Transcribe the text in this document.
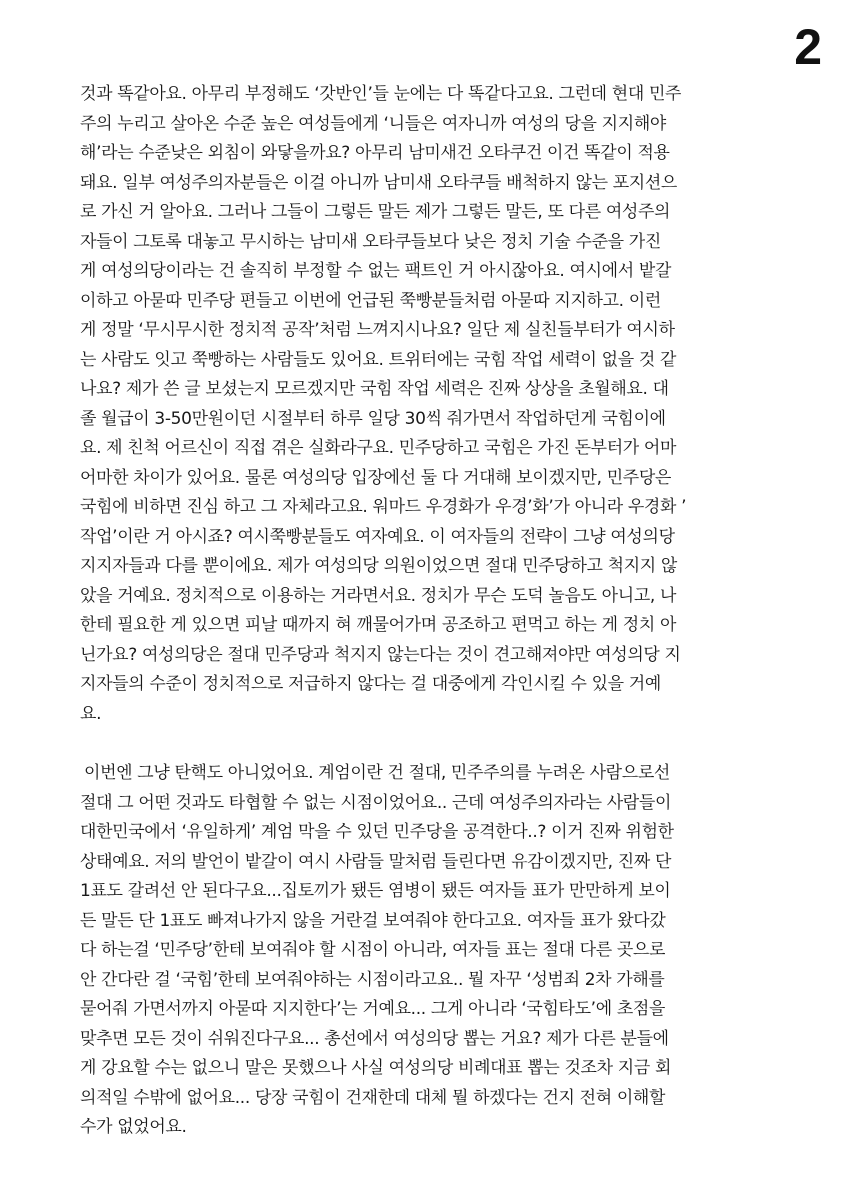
2
것과 똑같아요. 아무리 부정해도 ‘갓반인’들 눈에는 다 똑같다고요. 그런데 현대 민주
주의 누리고 살아온 수준 높은 여성들에게 ‘니들은 여자니까 여성의 당을 지지해야
해’라는 수준낮은 외침이 와닿을까요? 아무리 남미새건 오타쿠건 이건 똑같이 적용
돼요. 일부 여성주의자분들은 이걸 아니까 남미새 오타쿠들 배척하지 않는 포지션으
로 가신 거 알아요. 그러나 그들이 그렇든 말든 제가 그렇든 말든, 또 다른 여성주의
자들이 그토록 대놓고 무시하는 남미새 오타쿠들보다 낮은 정치 기술 수준을 가진
게 여성의당이라는 건 솔직히 부정할 수 없는 팩트인 거 아시잖아요. 여시에서 밭갈
이하고 아묻따 민주당 편들고 이번에 언급된 쭉빵분들처럼 아묻따 지지하고. 이런
게 정말 ‘무시무시한 정치적 공작’처럼 느껴지시나요? 일단 제 실친들부터가 여시하
는 사람도 잇고 쭉빵하는 사람들도 있어요. 트위터에는 국힘 작업 세력이 없을 것 같
나요? 제가 쓴 글 보셨는지 모르겠지만 국힘 작업 세력은 진짜 상상을 초월해요. 대
졸 월급이 3-50만원이던 시절부터 하루 일당 30씩 줘가면서 작업하던게 국힘이에
요. 제 친척 어르신이 직접 겪은 실화라구요. 민주당하고 국힘은 가진 돈부터가 어마
어마한 차이가 있어요. 물론 여성의당 입장에선 둘 다 거대해 보이겠지만, 민주당은
국힘에 비하면 진심 하고 그 자체라고요. 워마드 우경화가 우경’화’가 아니라 우경화 ’
작업’이란 거 아시죠? 여시쭉빵분들도 여자예요. 이 여자들의 전략이 그냥 여성의당
지지자들과 다를 뿐이에요. 제가 여성의당 의원이었으면 절대 민주당하고 척지지 않
았을 거예요. 정치적으로 이용하는 거라면서요. 정치가 무슨 도덕 놀음도 아니고, 나
한테 필요한 게 있으면 피날 때까지 혀 깨물어가며 공조하고 편먹고 하는 게 정치 아
닌가요? 여성의당은 절대 민주당과 척지지 않는다는 것이 견고해져야만 여성의당 지
지자들의 수준이 정치적으로 저급하지 않다는 걸 대중에게 각인시킬 수 있을 거예
요.
이번엔 그냥 탄핵도 아니었어요. 계엄이란 건 절대, 민주주의를 누려온 사람으로선
절대 그 어떤 것과도 타협할 수 없는 시점이었어요.. 근데 여성주의자라는 사람들이
대한민국에서 ‘유일하게’ 계엄 막을 수 있던 민주당을 공격한다..? 이거 진짜 위험한
상태예요. 저의 발언이 밭갈이 여시 사람들 말처럼 들린다면 유감이겠지만, 진짜 단
1표도 갈려선 안 된다구요...집토끼가 됐든 염병이 됐든 여자들 표가 만만하게 보이
든 말든 단 1표도 빠져나가지 않을 거란걸 보여줘야 한다고요. 여자들 표가 왔다갔
다 하는걸 ‘민주당’한테 보여줘야 할 시점이 아니라, 여자들 표는 절대 다른 곳으로
안 간다란 걸 ‘국힘’한테 보여줘야하는 시점이라고요.. 뭘 자꾸 ‘성범죄 2차 가해를
묻어줘 가면서까지 아묻따 지지한다’는 거예요... 그게 아니라 ‘국힘타도’에 초점을
맞추면 모든 것이 쉬워진다구요... 총선에서 여성의당 뽑는 거요? 제가 다른 분들에
게 강요할 수는 없으니 말은 못했으나 사실 여성의당 비례대표 뽑는 것조차 지금 회
의적일 수밖에 없어요... 당장 국힘이 건재한데 대체 뭘 하겠다는 건지 전혀 이해할
수가 없었어요.
